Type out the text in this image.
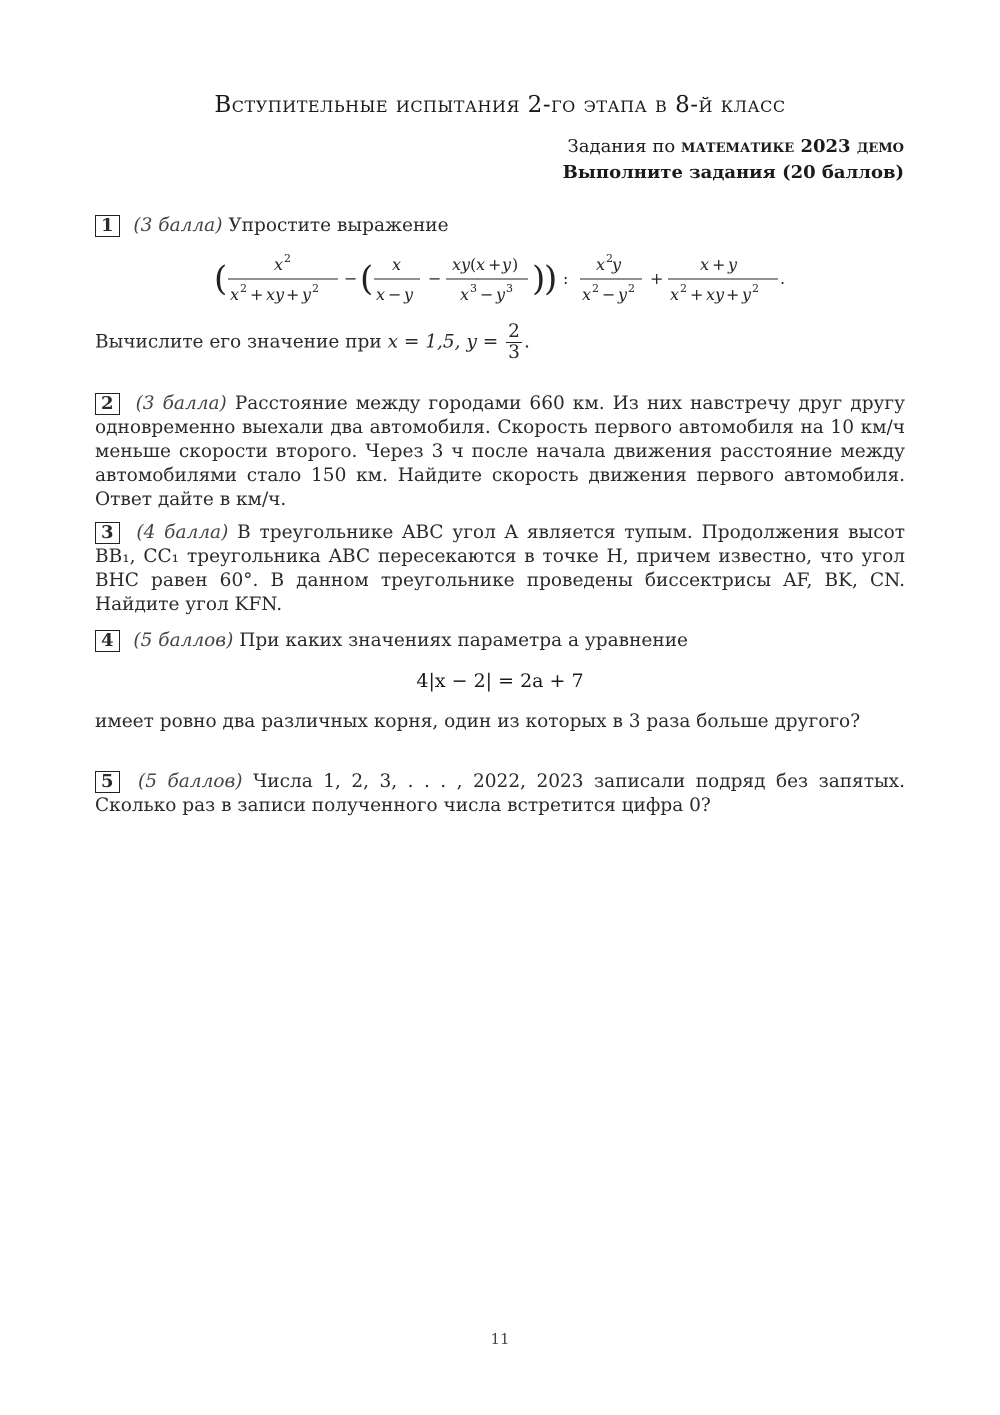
Вступительные испытания 2-го этапа в 8-й класс
Задания по математике 2023 демо
Выполните задания (20 баллов)
1 (3 балла) Упростите выражение
(	x 2
x 2 + xy + y 2
− ( x
x − y
−
xy ( x + y )
x 3 − y 3 )
) :
x 2 y
x 2 − y 2
+
x + y
x 2 + xy + y 2
.
Вычислите его значение при x = 1,5, $y = \frac{2}{3}$ .
2 (3 балла) Расстояние между городами 660 км. Из них навстречу друг другу одновременно выехали два автомобиля. Скорость первого автомобиля на 10 км/ч меньше скорости второго. Через 3 ч после начала движения расстояние между автомобилями стало 150 км. Найдите скорость движения первого автомобиля. Ответ дайте в км/ч.
3 (4 балла) В треугольнике ABC угол A является тупым. Продолжения высот BB₁, CC₁ треугольника ABC пересекаются в точке H, причем известно, что угол BHC равен 60°. В данном треугольнике проведены биссектрисы AF, BK, CN. Найдите угол KFN.
4 (5 баллов) При каких значениях параметра a уравнение
4|x − 2| = 2a + 7
имеет ровно два различных корня, один из которых в 3 раза больше другого?
5 (5 баллов) Числа 1, 2, 3, . . . , 2022, 2023 записали подряд без запятых. Сколько раз в записи полученного числа встретится цифра 0?
11
